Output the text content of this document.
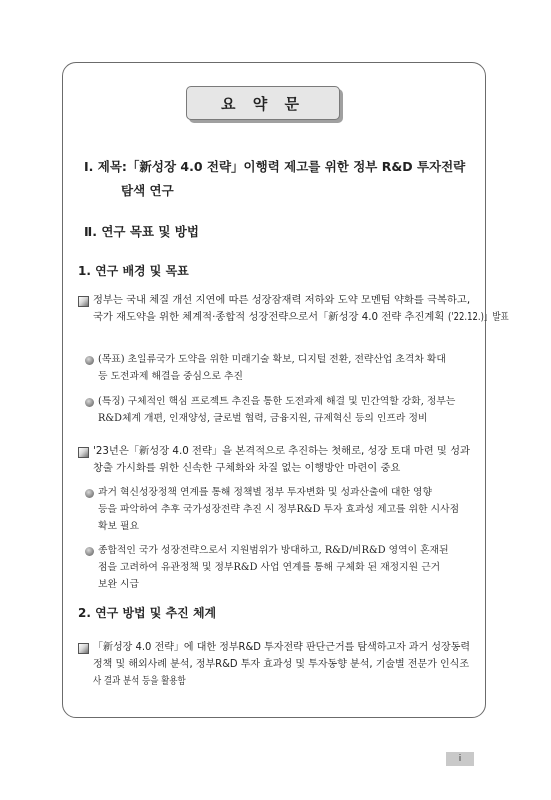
요 약 문
Ⅰ. 제목:「新성장 4.0 전략」이행력 제고를 위한 정부 R&D 투자전략
탐색 연구
Ⅱ. 연구 목표 및 방법
1. 연구 배경 및 목표
정부는 국내 체질 개선 지연에 따른 성장잠재력 저하와 도약 모멘텀 약화를 극복하고, 국가 재도약을 위한 체계적·종합적 성장전략으로서「新성장 4.0 전략 추진계획 ('22.12.)」발표
(목표) 초일류국가 도약을 위한 미래기술 확보, 디지털 전환, 전략산업 초격차 확대
등 도전과제 해결을 중심으로 추진
(특징) 구체적인 핵심 프로젝트 추진을 통한 도전과제 해결 및 민간역할 강화, 정부는
R&D체계 개편, 인재양성, 글로벌 협력, 금융지원, 규제혁신 등의 인프라 정비
'23년은「新성장 4.0 전략」을 본격적으로 추진하는 첫해로, 성장 토대 마련 및 성과 창출 가시화를 위한 신속한 구체화와 차질 없는 이행방안 마련이 중요
과거 혁신성장정책 연계를 통해 정책별 정부 투자변화 및 성과산출에 대한 영향
등을 파악하여 추후 국가성장전략 추진 시 정부R&D 투자 효과성 제고를 위한 시사점
확보 필요
종합적인 국가 성장전략으로서 지원범위가 방대하고, R&D/비R&D 영역이 혼재된
점을 고려하여 유관정책 및 정부R&D 사업 연계를 통해 구체화 된 재정지원 근거
보완 시급
2. 연구 방법 및 추진 체계
「新성장 4.0 전략」에 대한 정부R&D 투자전략 판단근거를 탐색하고자 과거 성장동력 정책 및 해외사례 분석, 정부R&D 투자 효과성 및 투자동향 분석, 기술별 전문가 인식조 사 결과 분석 등을 활용함
i
